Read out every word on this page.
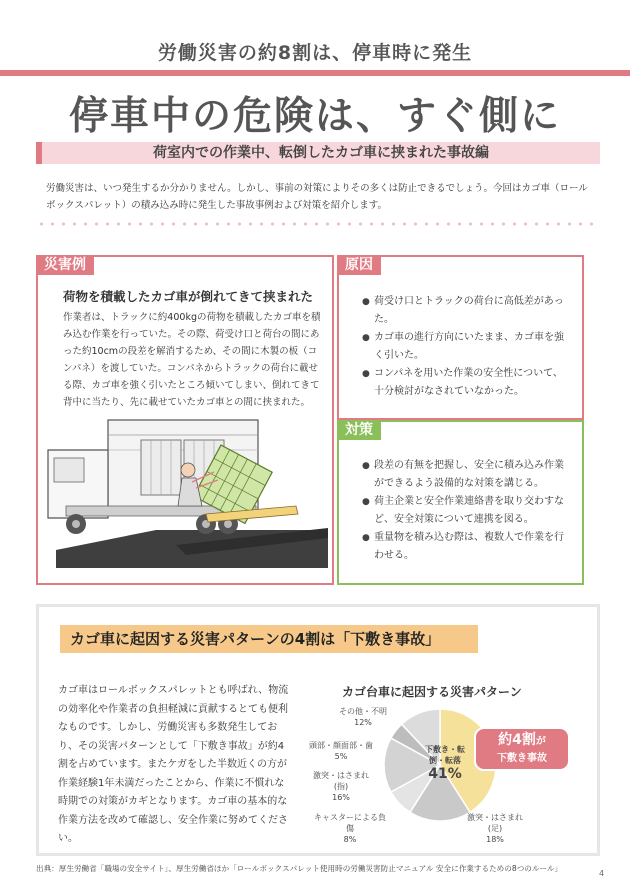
労働災害の約8割は、停車時に発生
停車中の危険は、すぐ側に
荷室内での作業中、転倒したカゴ車に挟まれた事故編
労働災害は、いつ発生するか分かりません。しかし、事前の対策によりその多くは防止できるでしょう。今回はカゴ車（ロールボックスパレット）の積み込み時に発生した事故事例および対策を紹介します。
災害例
荷物を積載したカゴ車が倒れてきて挟まれた
作業者は、トラックに約400kgの荷物を積載したカゴ車を積み込む作業を行っていた。その際、荷受け口と荷台の間にあった約10cmの段差を解消するため、その間に木製の板（コンパネ）を渡していた。コンパネからトラックの荷台に載せる際、カゴ車を強く引いたところ傾いてしまい、倒れてきて背中に当たり、先に載せていたカゴ車との間に挟まれた。
原因
● 荷受け口とトラックの荷台に高低差があった。
● カゴ車の進行方向にいたまま、カゴ車を強く引いた。
● コンパネを用いた作業の安全性について、十分検討がなされていなかった。
対策
● 段差の有無を把握し、安全に積み込み作業ができるよう設備的な対策を講じる。
● 荷主企業と安全作業連絡書を取り交わすなど、安全対策について連携を図る。
● 重量物を積み込む際は、複数人で作業を行わせる。
カゴ車に起因する災害パターンの4割は「下敷き事故」
カゴ車はロールボックスパレットとも呼ばれ、物流の効率化や作業者の負担軽減に貢献するとても便利なものです。しかし、労働災害も多数発生しており、その災害パターンとして「下敷き事故」が約4割を占めています。またケガをした半数近くの方が作業経験1年未満だったことから、作業に不慣れな時期での対策がカギとなります。カゴ車の基本的な作業方法を改めて確認し、安全作業に努めてください。
カゴ台車に起因する災害パターン
その他・不明
12%
頭部・顔面部・歯
5%
激突・はさまれ(指)
16%
キャスターによる負傷
8%
激突・はさまれ(足)
18%
下敷き・転倒・転落
41%
約4割が
下敷き事故
出典：厚生労働省「職場の安全サイト」、厚生労働省ほか「ロールボックスパレット使用時の労働災害防止マニュアル 安全に作業するための8つのルール」
4
